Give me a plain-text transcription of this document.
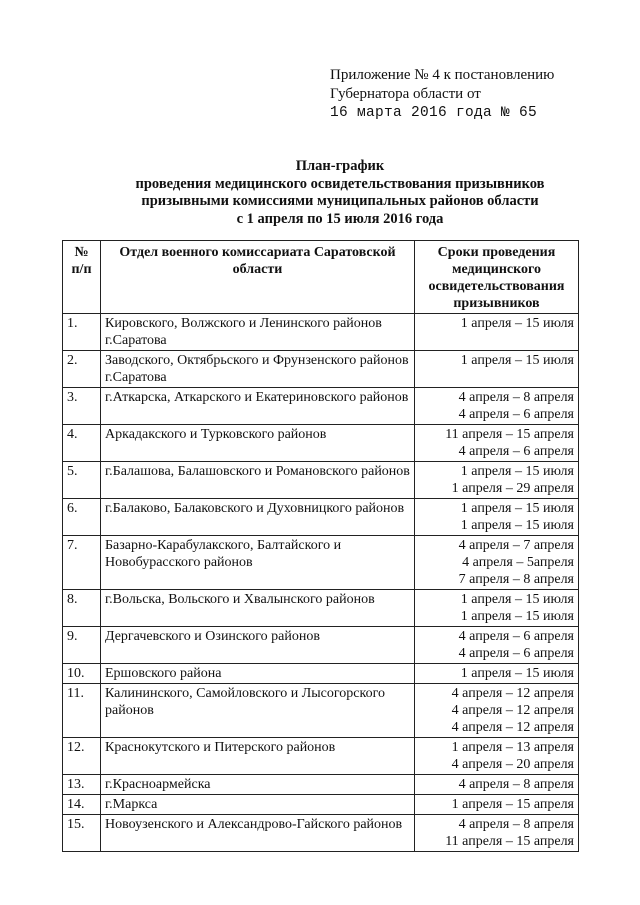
Приложение № 4 к постановлению
Губернатора области от
16 марта 2016 года № 65
План-график
проведения медицинского освидетельствования призывников
призывными комиссиями муниципальных районов области
с 1 апреля по 15 июля 2016 года
№ п/п	Отдел военного комиссариата Саратовской области	Сроки проведения медицинского освидетельствования призывников
1.	Кировского, Волжского и Ленинского районов г.Саратова	1 апреля – 15 июля

2.	Заводского, Октябрьского и Фрунзенского районов г.Саратова	1 апреля – 15 июля

3.	г.Аткарска, Аткарского и Екатериновского районов	4 апреля – 8 апреля
4 апреля – 6 апреля

4.	Аркадакского и Турковского районов	11 апреля – 15 апреля
4 апреля – 6 апреля

5.	г.Балашова, Балашовского и Романовского районов	1 апреля – 15 июля
1 апреля – 29 апреля

6.	г.Балаково, Балаковского и Духовницкого районов	1 апреля – 15 июля
1 апреля – 15 июля

7.	Базарно-Карабулакского, Балтайского и Новобурасского районов	4 апреля – 7 апреля
4 апреля – 5апреля
7 апреля – 8 апреля

8.	г.Вольска, Вольского и Хвалынского районов	1 апреля – 15 июля
1 апреля – 15 июля

9.	Дергачевского и Озинского районов	4 апреля – 6 апреля
4 апреля – 6 апреля

10.	Ершовского района	1 апреля – 15 июля

11.	Калининского, Самойловского и Лысогорского районов	4 апреля – 12 апреля
4 апреля – 12 апреля
4 апреля – 12 апреля

12.	Краснокутского и Питерского районов	1 апреля – 13 апреля
4 апреля – 20 апреля

13.	г.Красноармейска	4 апреля – 8 апреля

14.	г.Маркса	1 апреля – 15 апреля

15.	Новоузенского и Александрово-Гайского районов	4 апреля – 8 апреля
11 апреля – 15 апреля
